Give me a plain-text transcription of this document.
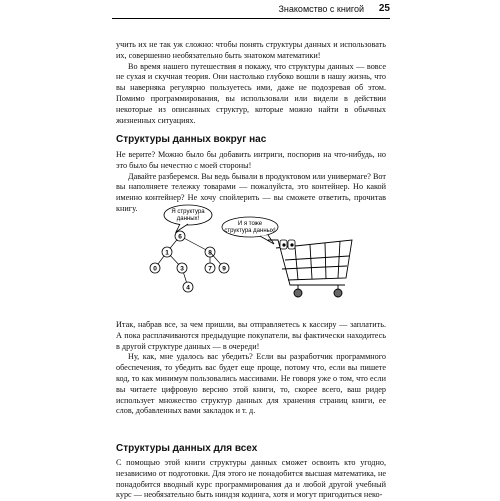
Знакомство с книгой 25

учить их не так уж сложно: чтобы понять структуры данных и использовать их, совершенно необязательно быть знатоком математики!

Во время нашего путешествия я покажу, что структуры данных — вовсе не сухая и скучная теория. Они настолько глубоко вошли в нашу жизнь, что вы наверняка регулярно пользуетесь ими, даже не подозревая об этом. Помимо программирования, вы использовали или видели в действии некоторые из описанных структур, которые можно найти в обычных жизненных ситуациях.

Структуры данных вокруг нас

Не верите? Можно было бы добавить интриги, поспорив на что-нибудь, но это было бы нечестно с моей стороны!

Давайте разберемся. Вы ведь бывали в продуктовом или универмаге? Вот вы наполняете тележку товарами — пожалуйста, это контейнер. Но какой именно контейнер? Не хочу спойлерить — вы сможете ответить, прочитав книгу.	Я структура
данных!
И я тоже
структура данных!
6
1	8
0	3	7
4
9

Итак, набрав все, за чем пришли, вы отправляетесь к кассиру — заплатить. А пока расплачиваются предыдущие покупатели, вы фактически находитесь в другой структуре данных — в очереди!

Ну, как, мне удалось вас убедить? Если вы разработчик программного обеспечения, то убедить вас будет еще проще, потому что, если вы пишете код, то как минимум пользовались массивами. Не говоря уже о том, что если вы читаете цифровую версию этой книги, то, скорее всего, ваш ридер использует множество структур данных для хранения страниц книги, ее слов, добавленных вами закладок и т. д.

Структуры данных для всех

С помощью этой книги структуры данных сможет освоить кто угодно, независимо от подготовки. Для этого не понадобится высшая математика, не понадобится вводный курс программирования да и любой другой учебный курс — необязательно быть ниндзя кодинга, хотя и могут пригодиться неко-
